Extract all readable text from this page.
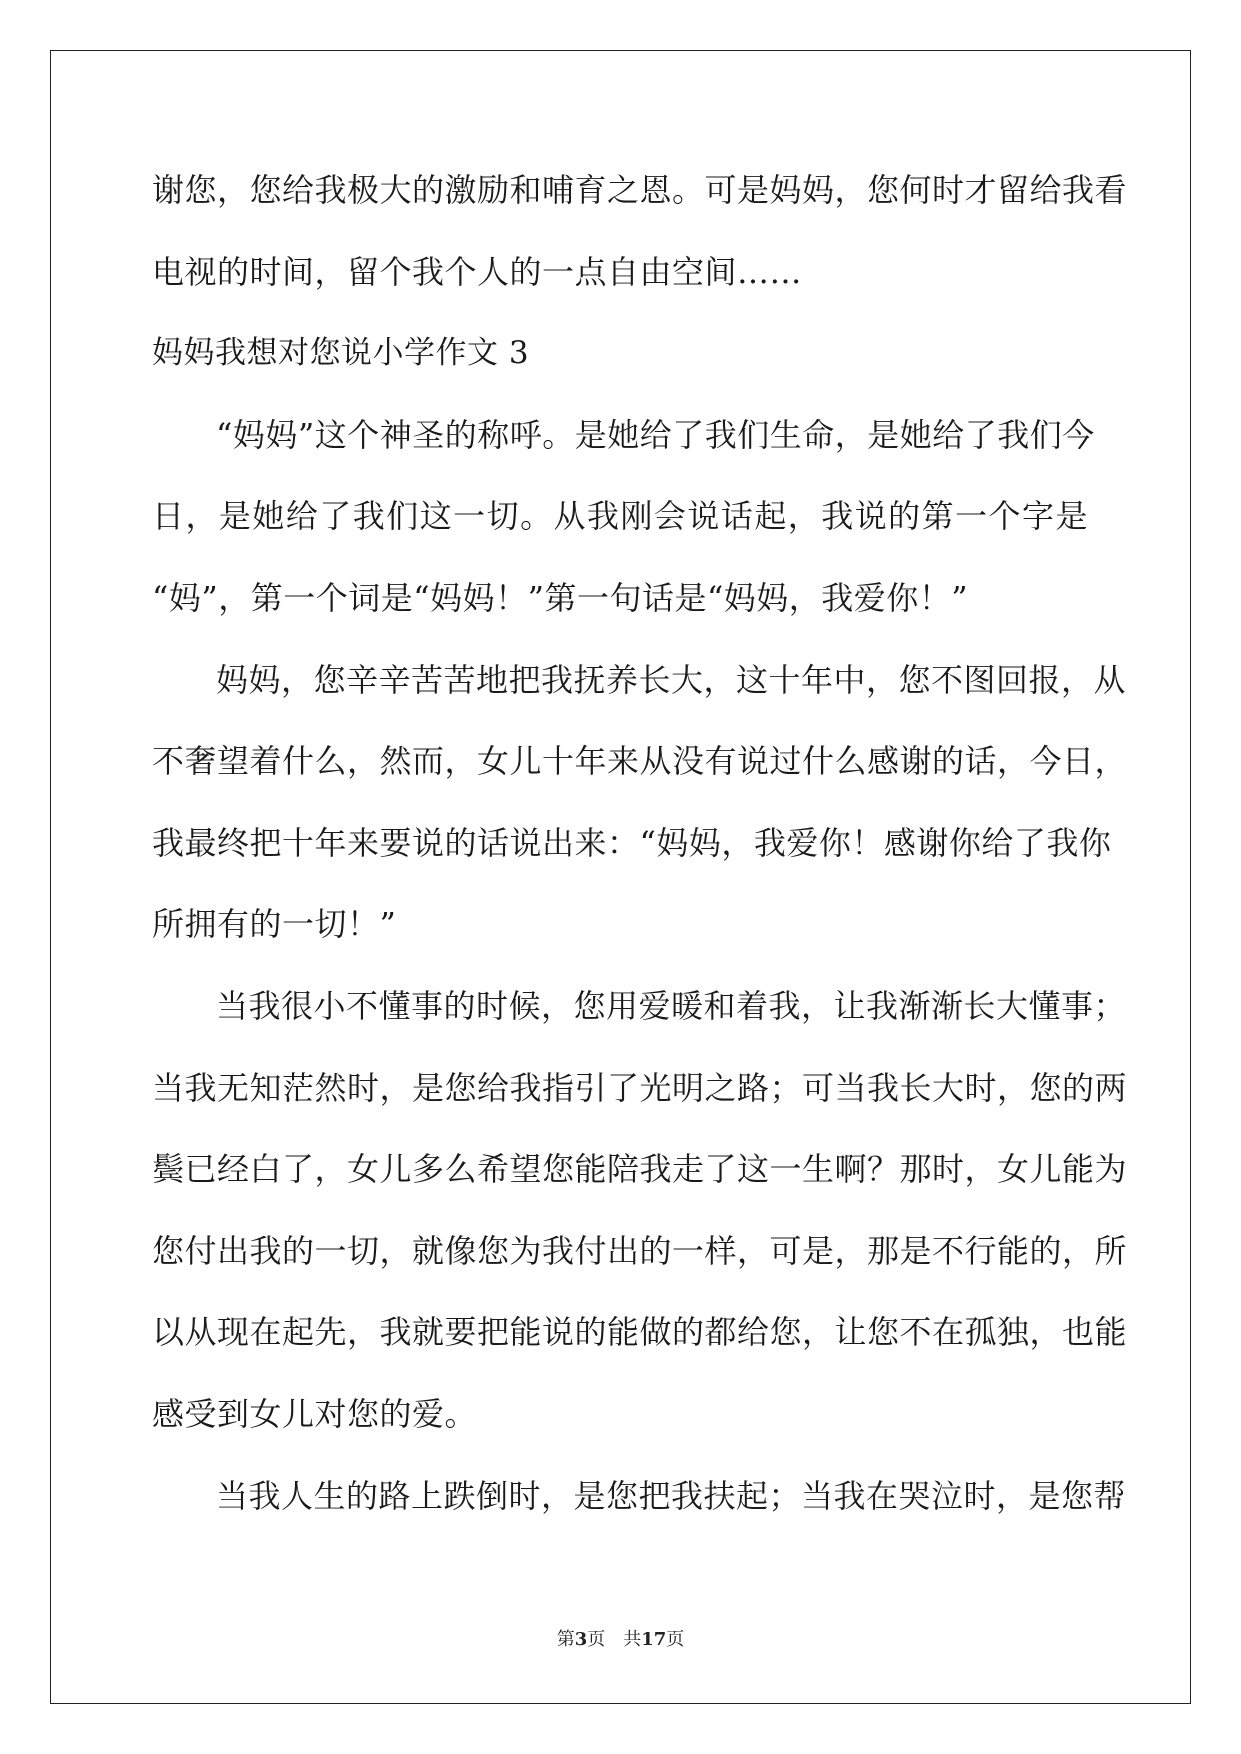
谢您，您给我极大的激励和哺育之恩。可是妈妈，您何时才留给我看
电视的时间，留个我个人的一点自由空间……
妈妈我想对您说小学作文 3
“妈妈”这个神圣的称呼。是她给了我们生命，是她给了我们今
日，是她给了我们这一切。从我刚会说话起，我说的第一个字是
“妈”，第一个词是“妈妈！”第一句话是“妈妈，我爱你！”
妈妈，您辛辛苦苦地把我抚养长大，这十年中，您不图回报，从
不奢望着什么，然而，女儿十年来从没有说过什么感谢的话，今日，
我最终把十年来要说的话说出来：“妈妈，我爱你！感谢你给了我你
所拥有的一切！”
当我很小不懂事的时候，您用爱暖和着我，让我渐渐长大懂事；
当我无知茫然时，是您给我指引了光明之路；可当我长大时，您的两
鬓已经白了，女儿多么希望您能陪我走了这一生啊？那时，女儿能为
您付出我的一切，就像您为我付出的一样，可是，那是不行能的，所
以从现在起先，我就要把能说的能做的都给您，让您不在孤独，也能
感受到女儿对您的爱。
当我人生的路上跌倒时，是您把我扶起；当我在哭泣时，是您帮
第3页　共17页
